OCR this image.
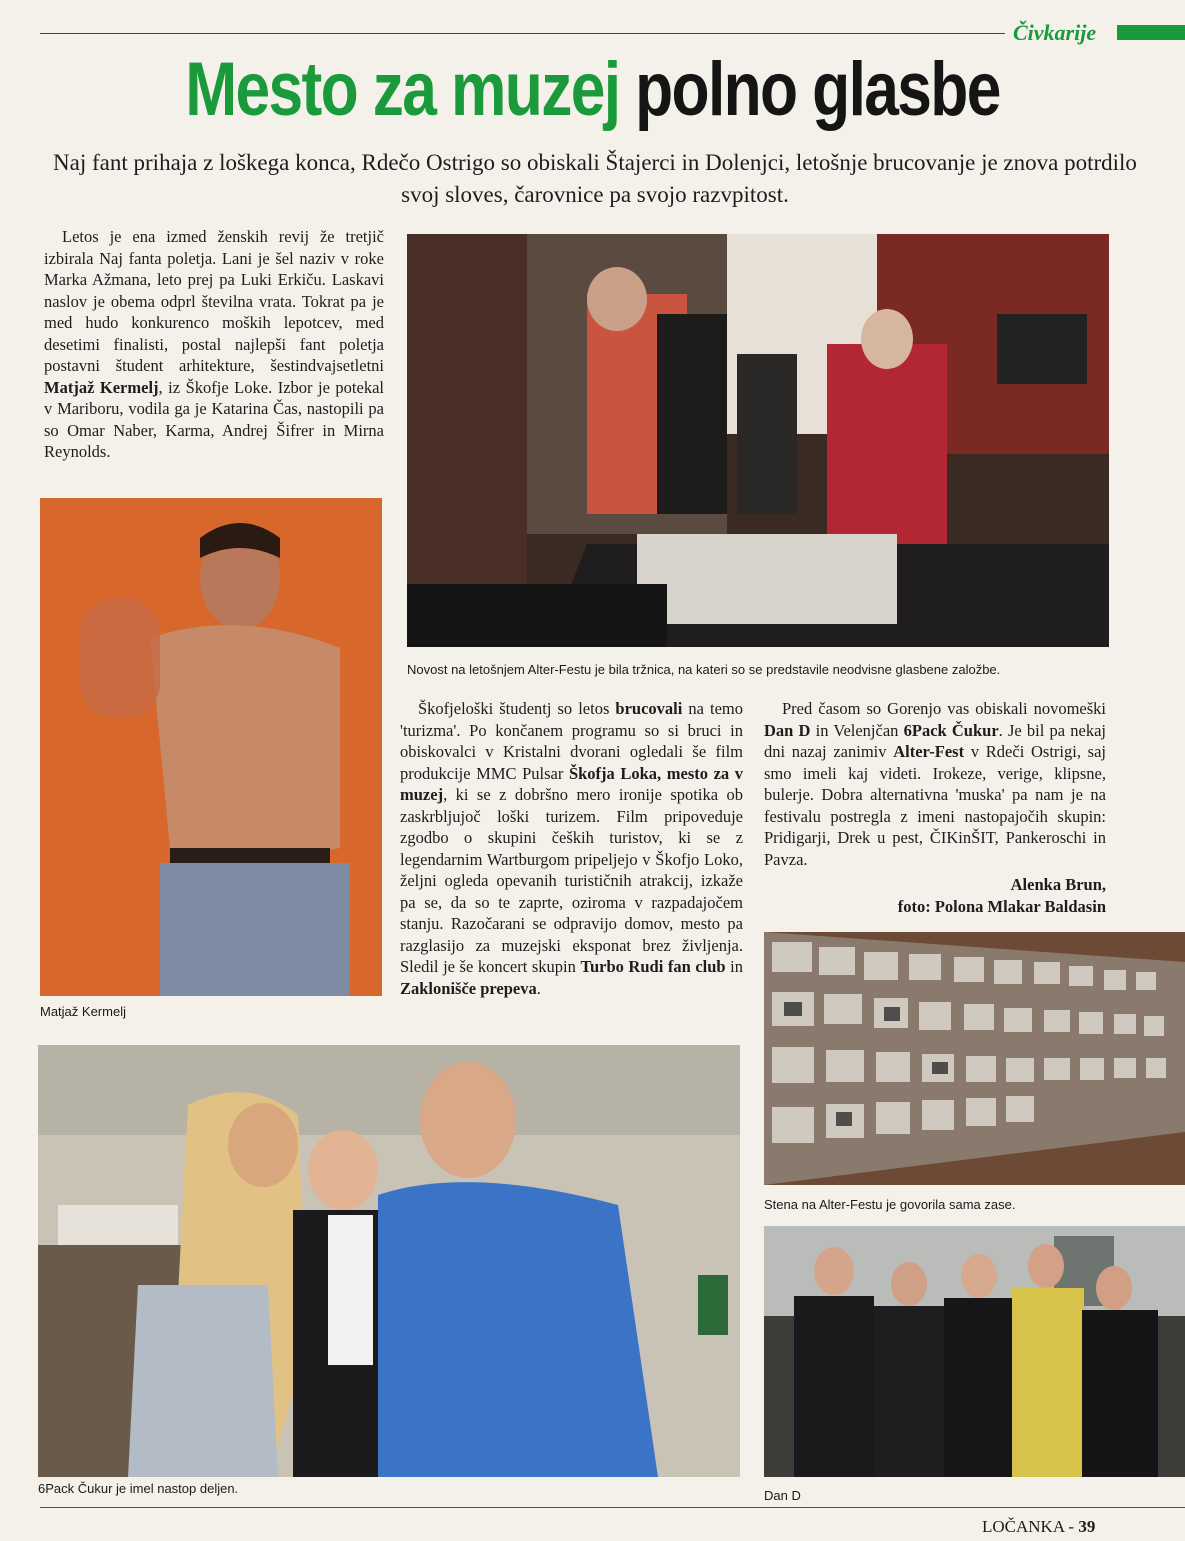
Čivkarije
Mesto za muzej polno glasbe
Naj fant prihaja z loškega konca, Rdečo Ostrigo so obiskali Štajerci in Dolenjci, letošnje brucovanje je znova potrdilo svoj sloves, čarovnice pa svojo razvpitost.
Letos je ena izmed ženskih revij že tretjič izbirala Naj fanta poletja. Lani je šel naziv v roke Marka Ažmana, leto prej pa Luki Erkiču. Laskavi naslov je obema odprl številna vrata. Tokrat pa je med hudo konkurenco moških lepotcev, med desetimi finalisti, postal najlepši fant poletja postavni študent arhitekture, šestindvajsetletni Matjaž Kermelj, iz Škofje Loke. Izbor je potekal v Mariboru, vodila ga je Katarina Čas, nastopili pa so Omar Naber, Karma, Andrej Šifrer in Mirna Reynolds.
Novost na letošnjem Alter-Festu je bila tržnica, na kateri so se predstavile neodvisne glasbene založbe.
Matjaž Kermelj
Škofjeloški študentj so letos brucovali na temo 'turizma'. Po končanem programu so si bruci in obiskovalci v Kristalni dvorani ogledali še film produkcije MMC Pulsar Škofja Loka, mesto za v muzej, ki se z dobršno mero ironije spotika ob zaskrbljujoč loški turizem. Film pripoveduje zgodbo o skupini čeških turistov, ki se z legendarnim Wartburgom pripeljejo v Škofjo Loko, željni ogleda opevanih turističnih atrakcij, izkaže pa se, da so te zaprte, oziroma v razpadajočem stanju. Razočarani se odpravijo domov, mesto pa razglasijo za muzejski eksponat brez življenja. Sledil je še koncert skupin Turbo Rudi fan club in Zaklonišče prepeva.
Pred časom so Gorenjo vas obiskali novomeški Dan D in Velenjčan 6Pack Čukur. Je bil pa nekaj dni nazaj zanimiv Alter-Fest v Rdeči Ostrigi, saj smo imeli kaj videti. Irokeze, verige, klipsne, bulerje. Dobra alternativna 'muska' pa nam je na festivalu postregla z imeni nastopajočih skupin: Pridigarji, Drek u pest, ČIKinŠIT, Pankeroschi in Pavza.
Alenka Brun,
foto: Polona Mlakar Baldasin
6Pack Čukur je imel nastop deljen.
Stena na Alter-Festu je govorila sama zase.
Dan D
LOČANKA - 39
